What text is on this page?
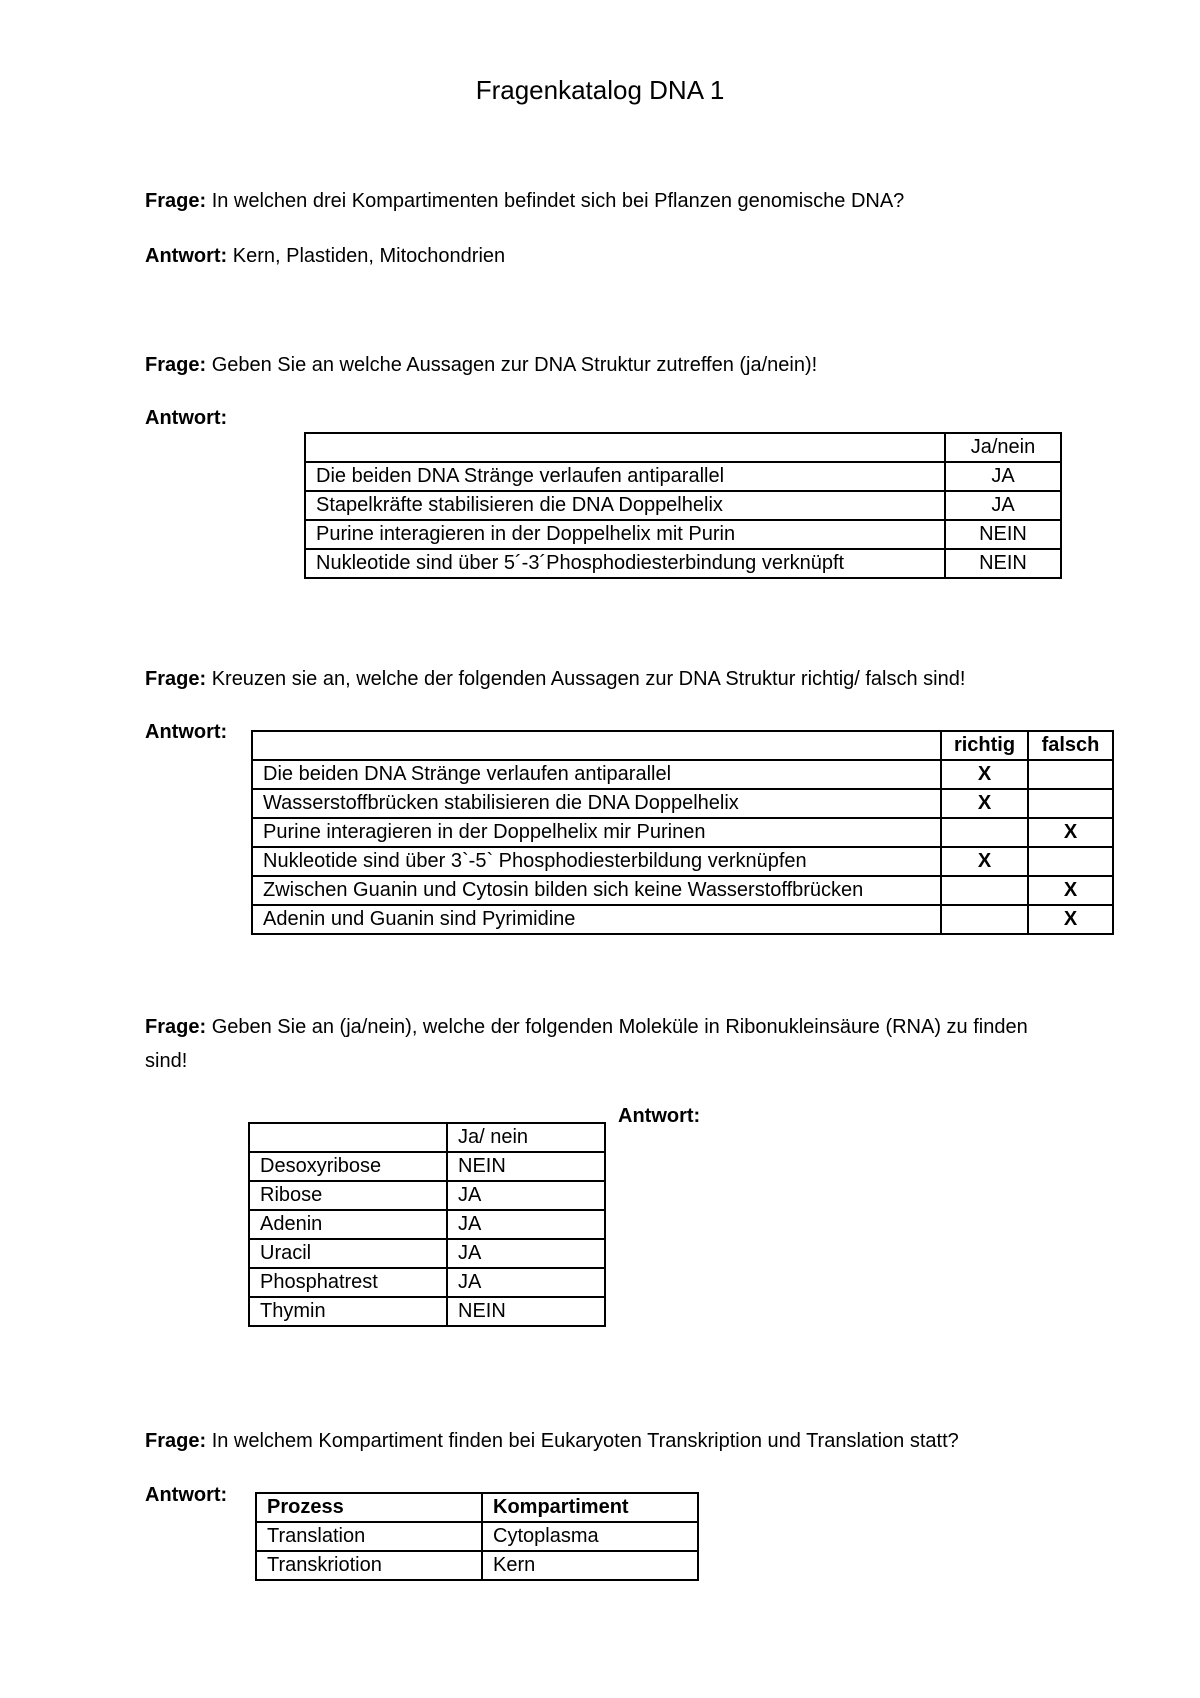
Fragenkatalog DNA 1
Frage: In welchen drei Kompartimenten befindet sich bei Pflanzen genomische DNA?
Antwort: Kern, Plastiden, Mitochondrien
Frage: Geben Sie an welche Aussagen zur DNA Struktur zutreffen (ja/nein)!
Antwort:
	Ja/nein
Die beiden DNA Stränge verlaufen antiparallel	JA
Stapelkräfte stabilisieren die DNA Doppelhelix	JA
Purine interagieren in der Doppelhelix mit Purin	NEIN
Nukleotide sind über 5´-3´Phosphodiesterbindung verknüpft	NEIN
Frage: Kreuzen sie an, welche der folgenden Aussagen zur DNA Struktur richtig/ falsch sind!
Antwort:
	richtig	falsch
Die beiden DNA Stränge verlaufen antiparallel	X	
Wasserstoffbrücken stabilisieren die DNA Doppelhelix	X	
Purine interagieren in der Doppelhelix mir Purinen		X
Nukleotide sind über 3`-5` Phosphodiesterbildung verknüpfen	X	
Zwischen Guanin und Cytosin bilden sich keine Wasserstoffbrücken		X
Adenin und Guanin sind Pyrimidine		X
Frage: Geben Sie an (ja/nein), welche der folgenden Moleküle in Ribonukleinsäure (RNA) zu finden sind!
Antwort:
	Ja/ nein
Desoxyribose	NEIN
Ribose	JA
Adenin	JA
Uracil	JA
Phosphatrest	JA
Thymin	NEIN
Frage: In welchem Kompartiment finden bei Eukaryoten Transkription und Translation statt?
Antwort:
Prozess	Kompartiment
Translation	Cytoplasma
Transkriotion	Kern
